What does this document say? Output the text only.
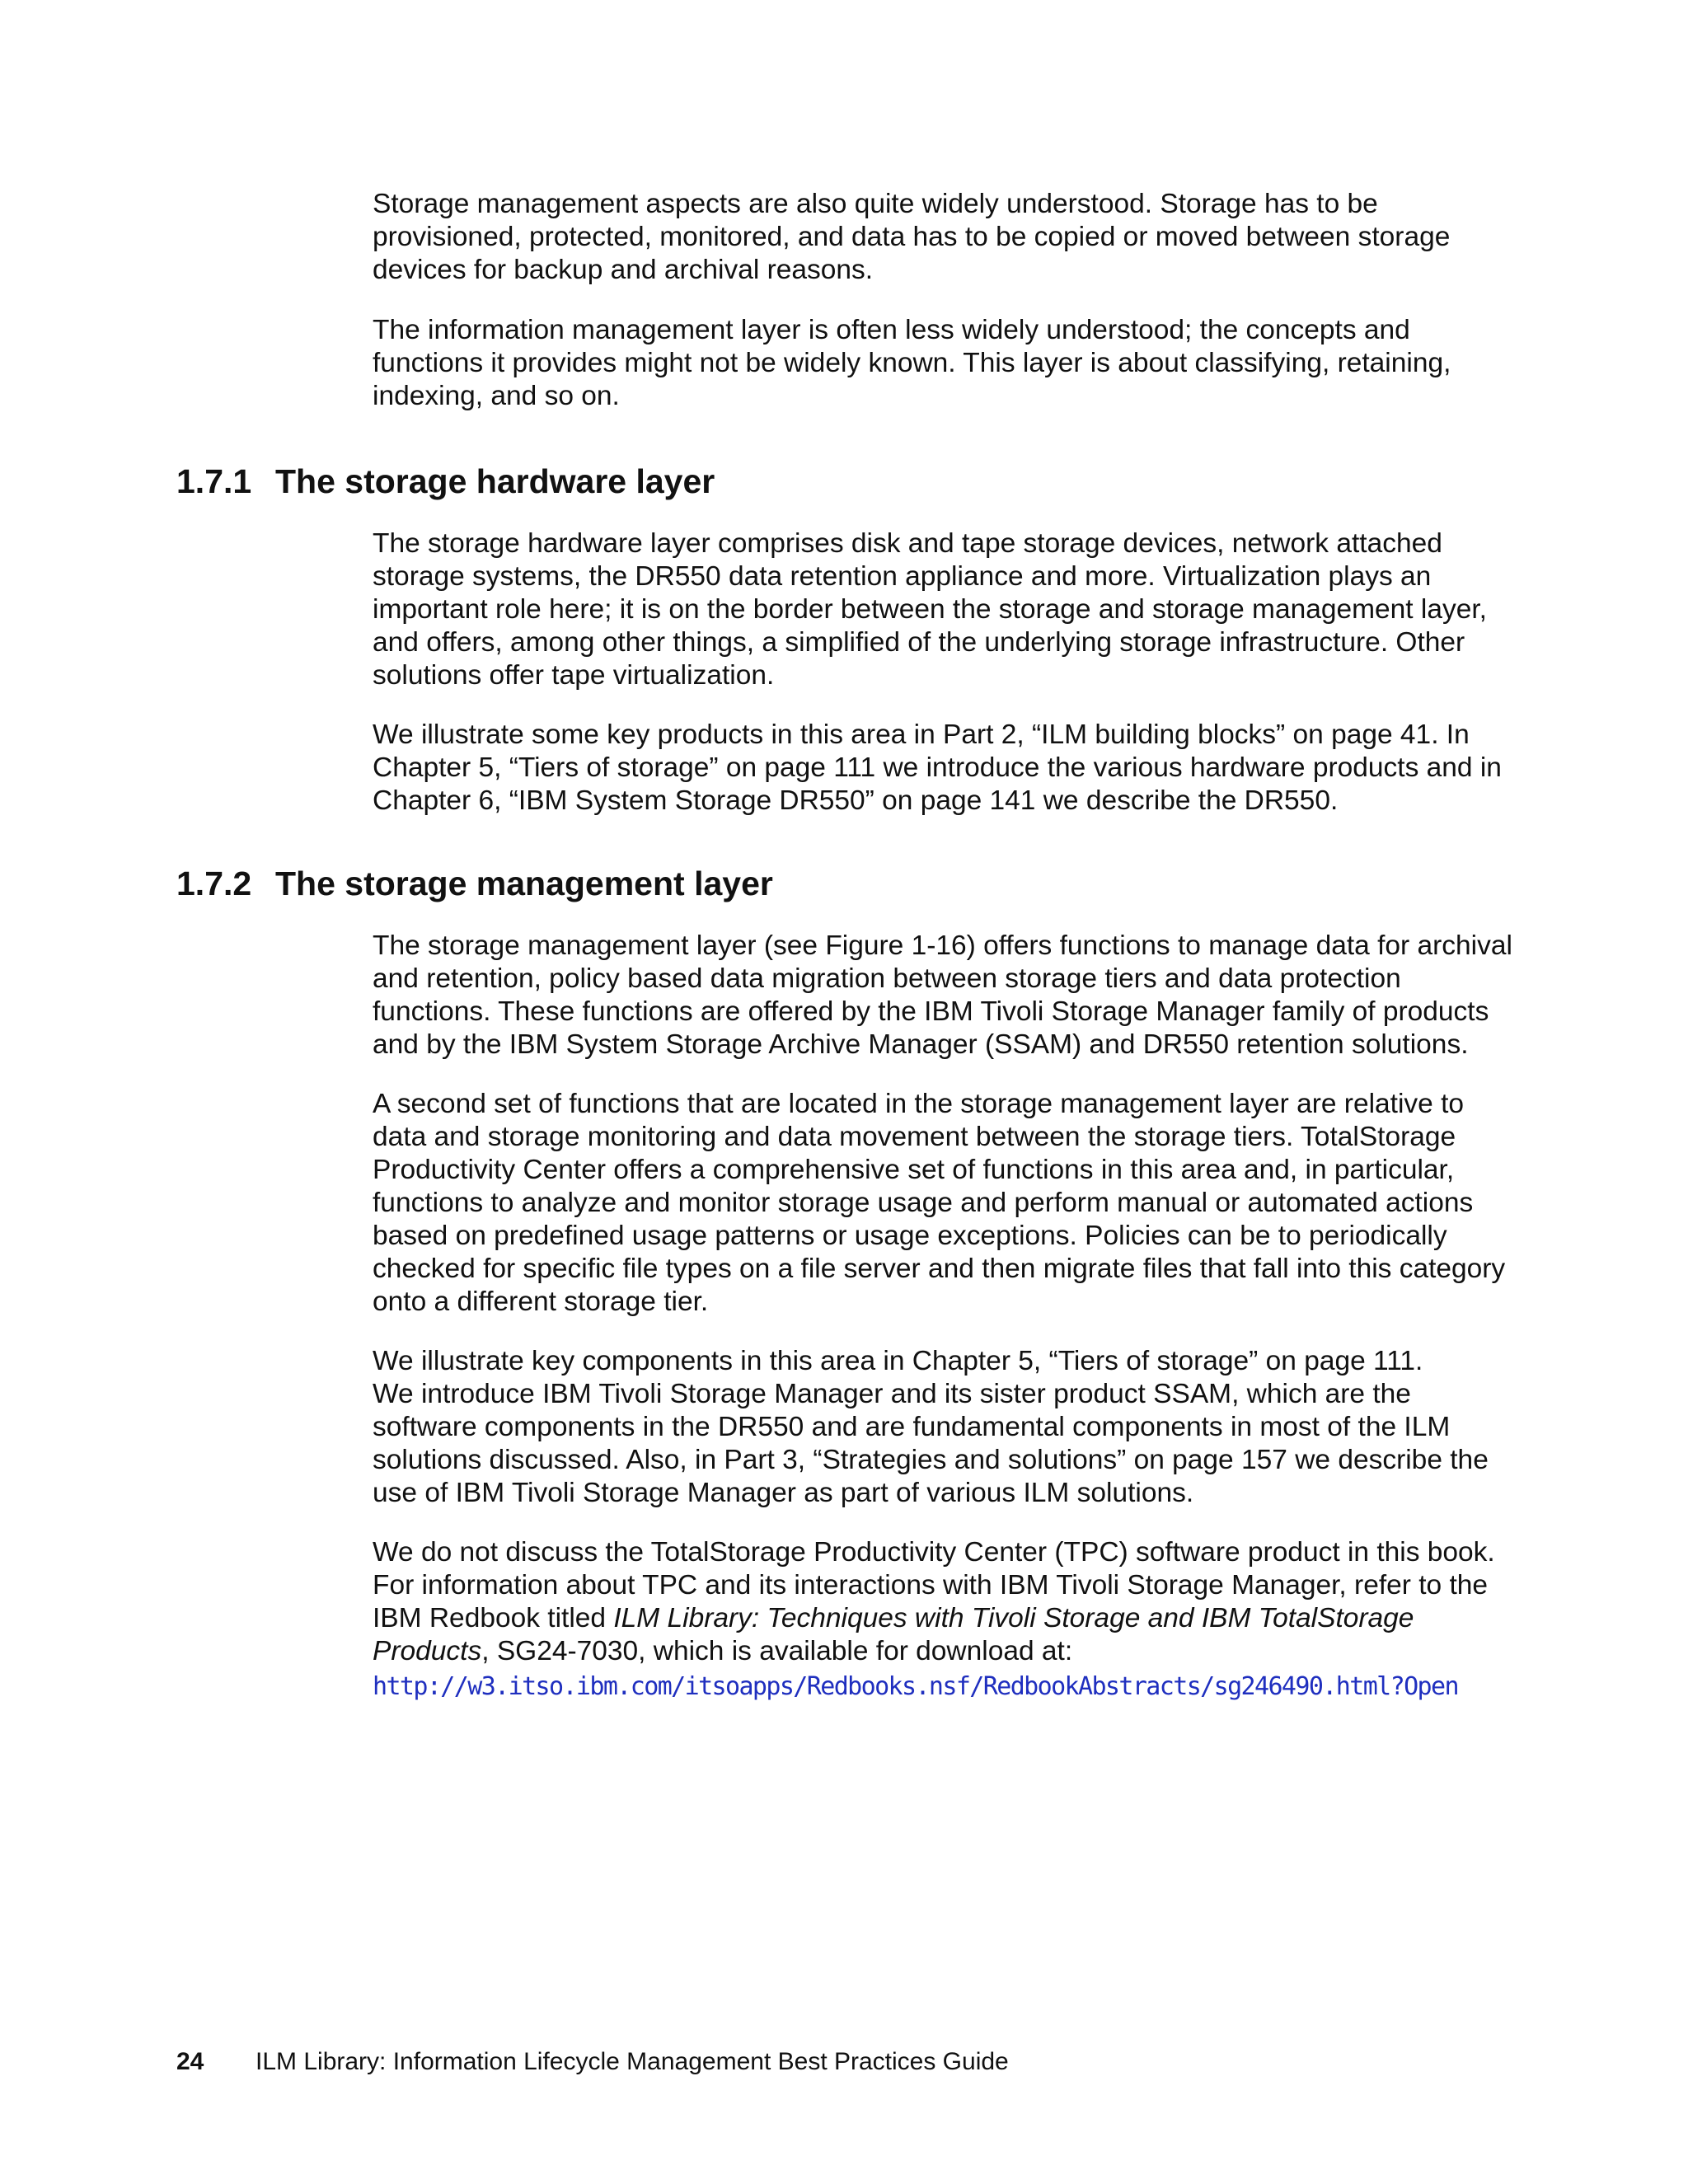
Storage management aspects are also quite widely understood. Storage has to be
provisioned, protected, monitored, and data has to be copied or moved between storage
devices for backup and archival reasons.

The information management layer is often less widely understood; the concepts and
functions it provides might not be widely known. This layer is about classifying, retaining,
indexing, and so on.

1.7.1 The storage hardware layer

The storage hardware layer comprises disk and tape storage devices, network attached
storage systems, the DR550 data retention appliance and more. Virtualization plays an
important role here; it is on the border between the storage and storage management layer,
and offers, among other things, a simplified of the underlying storage infrastructure. Other
solutions offer tape virtualization.

We illustrate some key products in this area in Part 2, “ILM building blocks” on page 41. In
Chapter 5, “Tiers of storage” on page 111 we introduce the various hardware products and in
Chapter 6, “IBM System Storage DR550” on page 141 we describe the DR550.

1.7.2 The storage management layer

The storage management layer (see Figure 1-16) offers functions to manage data for archival
and retention, policy based data migration between storage tiers and data protection
functions. These functions are offered by the IBM Tivoli Storage Manager family of products
and by the IBM System Storage Archive Manager (SSAM) and DR550 retention solutions.

A second set of functions that are located in the storage management layer are relative to
data and storage monitoring and data movement between the storage tiers. TotalStorage
Productivity Center offers a comprehensive set of functions in this area and, in particular,
functions to analyze and monitor storage usage and perform manual or automated actions
based on predefined usage patterns or usage exceptions. Policies can be to periodically
checked for specific file types on a file server and then migrate files that fall into this category
onto a different storage tier.

We illustrate key components in this area in Chapter 5, “Tiers of storage” on page 111.
We introduce IBM Tivoli Storage Manager and its sister product SSAM, which are the
software components in the DR550 and are fundamental components in most of the ILM
solutions discussed. Also, in Part 3, “Strategies and solutions” on page 157 we describe the
use of IBM Tivoli Storage Manager as part of various ILM solutions.

We do not discuss the TotalStorage Productivity Center (TPC) software product in this book.
For information about TPC and its interactions with IBM Tivoli Storage Manager, refer to the
IBM Redbook titled ILM Library: Techniques with Tivoli Storage and IBM TotalStorage
Products, SG24-7030, which is available for download at:

http://w3.itso.ibm.com/itsoapps/Redbooks.nsf/RedbookAbstracts/sg246490.html?Open
24 ILM Library: Information Lifecycle Management Best Practices Guide
